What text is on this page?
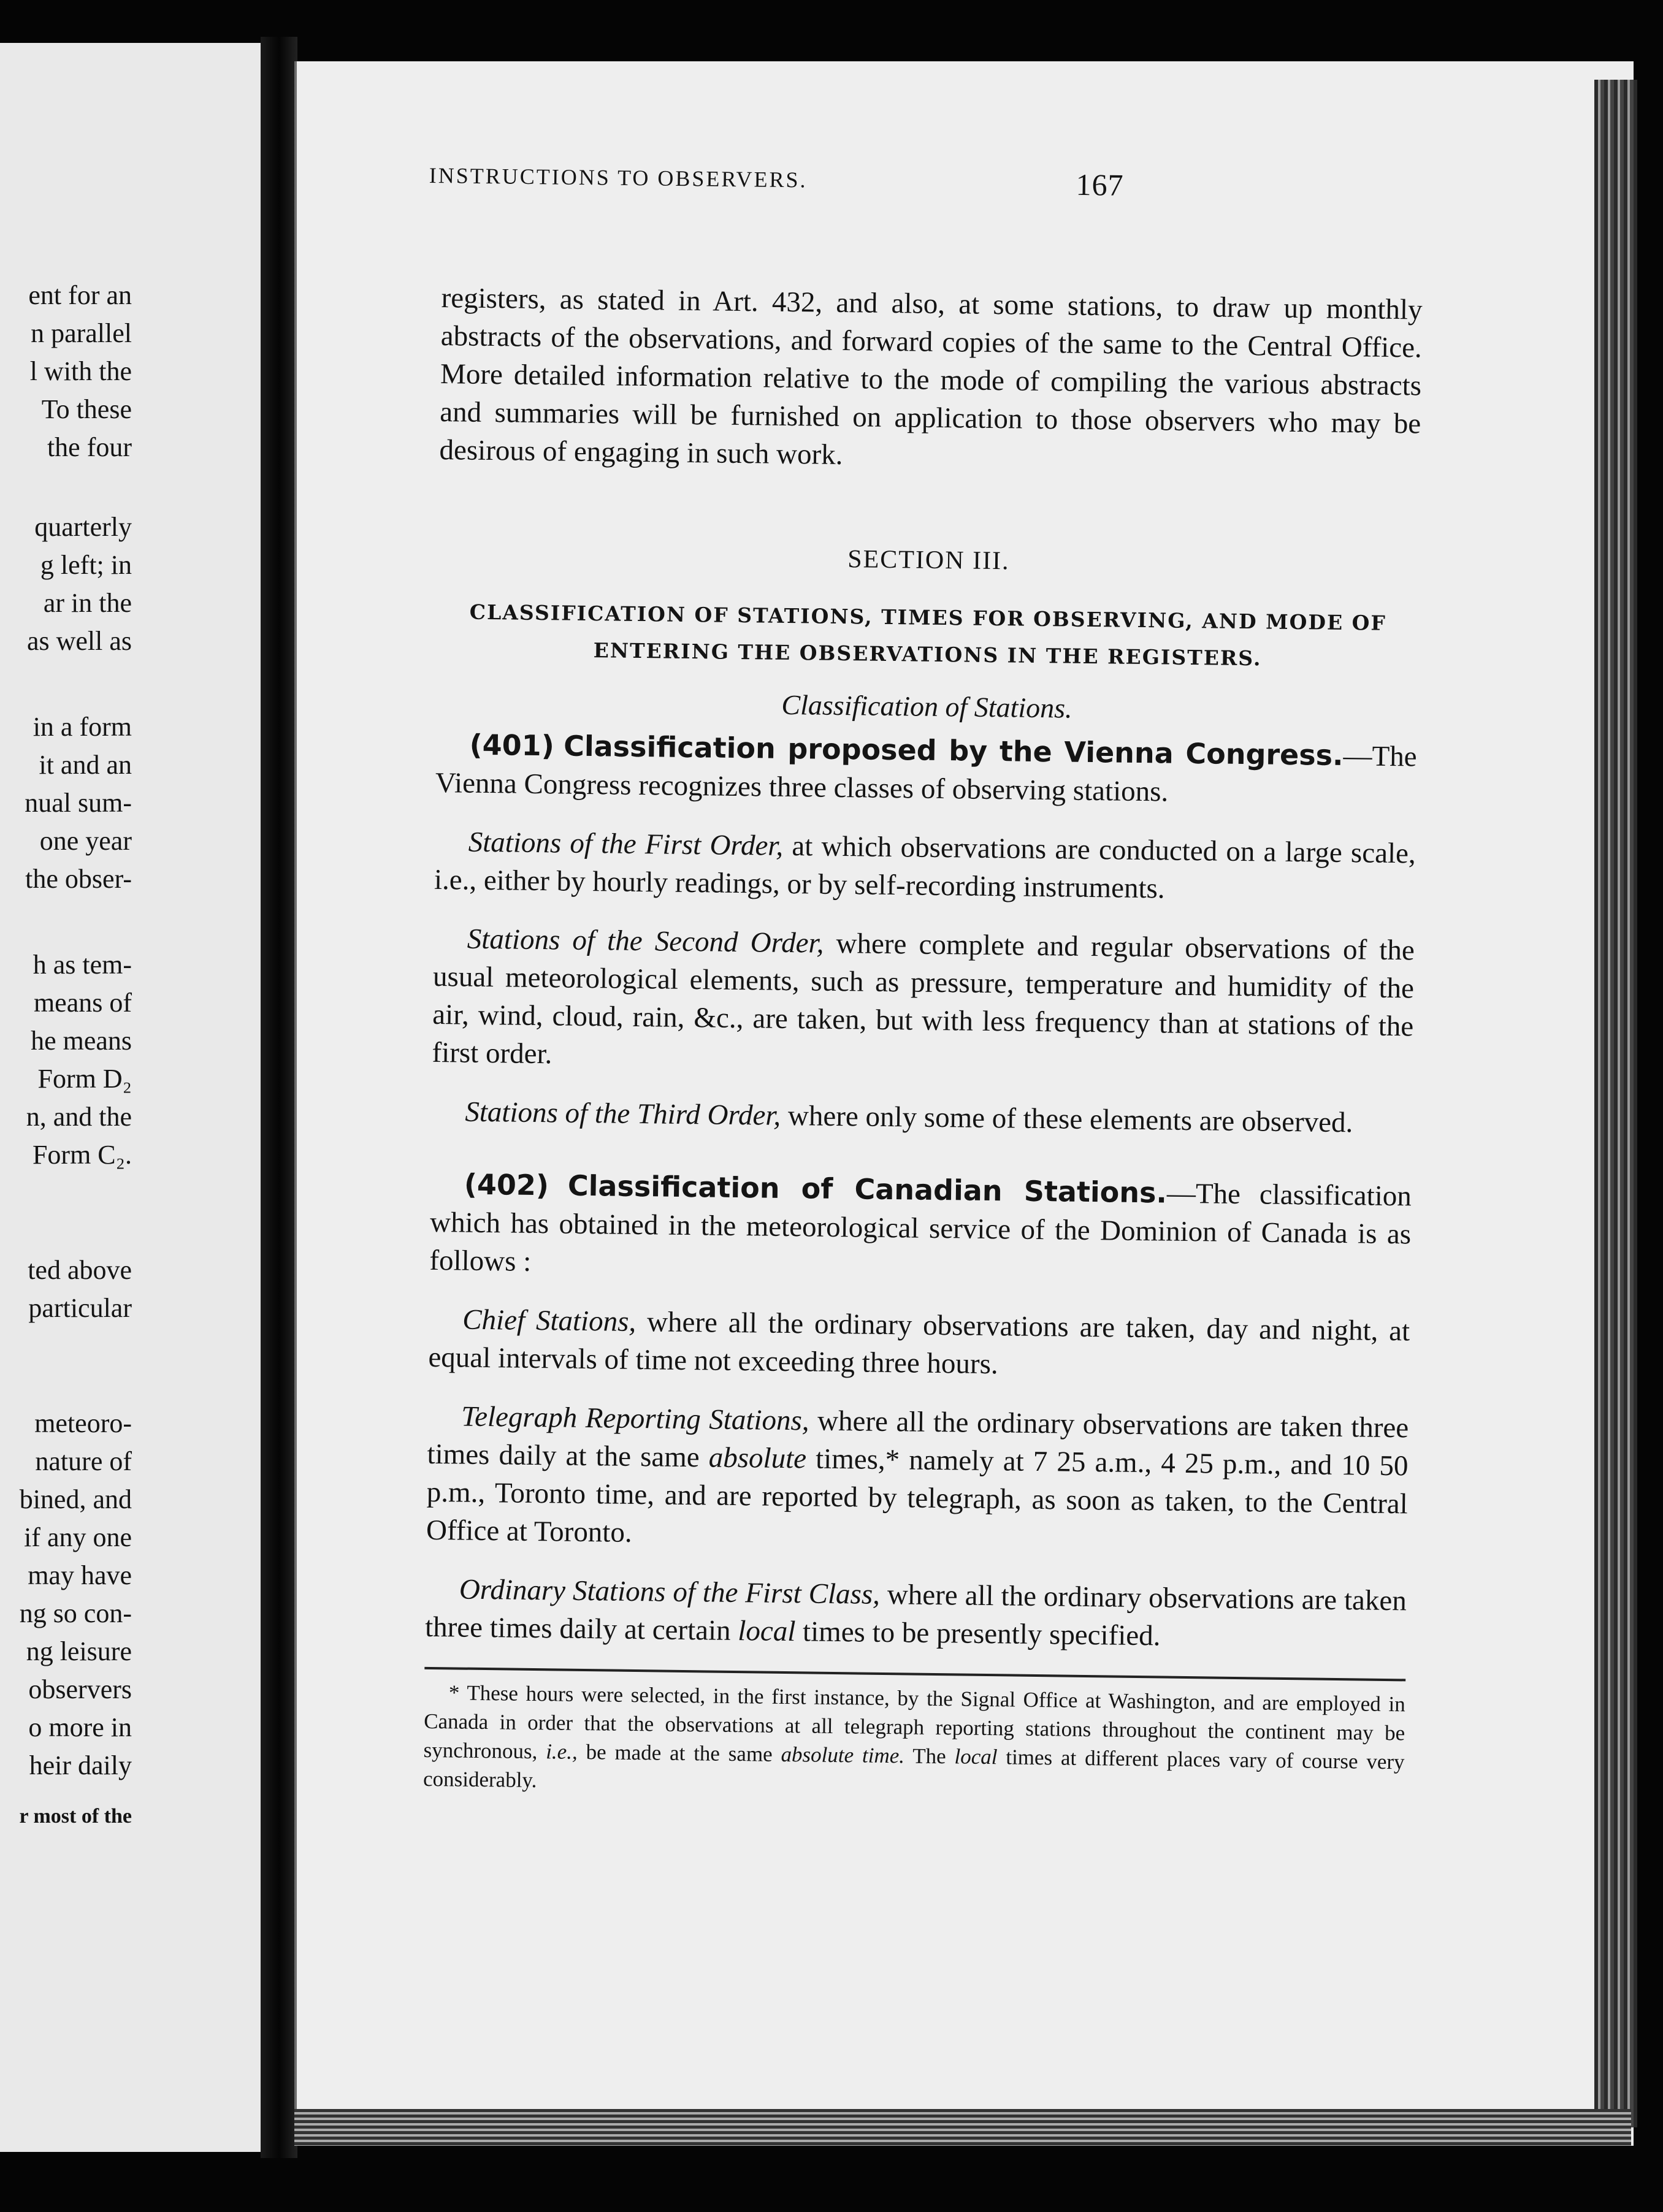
ent for an
n parallel
l with the
To these
the four
quarterly
g left; in
ar in the
as well as
in a form
it and an
nual sum-
one year
the obser-
h as tem-
means of
he means
Form D₂
n, and the
Form C₂.
ted above
particular
meteoro-
nature of
bined, and
if any one
may have
ng so con-
ng leisure
observers
o more in
heir daily
r most of the
INSTRUCTIONS TO OBSERVERS.	167

registers, as stated in Art. 432, and also, at some stations, to draw up monthly abstracts of the observations, and forward copies of the same to the Central Office. More detailed information relative to the mode of compiling the various abstracts and summaries will be furnished on application to those observers who may be desirous of engaging in such work.

SECTION III.
CLASSIFICATION OF STATIONS, TIMES FOR OBSERVING, AND MODE OF ENTERING THE OBSERVATIONS IN THE REGISTERS.
Classification of Stations.

(401) Classification proposed by the Vienna Congress.—The Vienna Congress recognizes three classes of observing stations.

Stations of the First Order, at which observations are conducted on a large scale, i.e., either by hourly readings, or by self-recording instruments.

Stations of the Second Order, where complete and regular observations of the usual meteorological elements, such as pressure, temperature and humidity of the air, wind, cloud, rain, &c., are taken, but with less frequency than at stations of the first order.

Stations of the Third Order, where only some of these elements are observed.

(402) Classification of Canadian Stations.—The classification which has obtained in the meteorological service of the Dominion of Canada is as follows :

Chief Stations, where all the ordinary observations are taken, day and night, at equal intervals of time not exceeding three hours.

Telegraph Reporting Stations, where all the ordinary observations are taken three times daily at the same absolute times,* namely at 7 25 a.m., 4 25 p.m., and 10 50 p.m., Toronto time, and are reported by telegraph, as soon as taken, to the Central Office at Toronto.

Ordinary Stations of the First Class, where all the ordinary observations are taken three times daily at certain local times to be presently specified.

* These hours were selected, in the first instance, by the Signal Office at Washington, and are employed in Canada in order that the observations at all telegraph reporting stations throughout the continent may be synchronous, i.e., be made at the same absolute time. The local times at different places vary of course very considerably.
